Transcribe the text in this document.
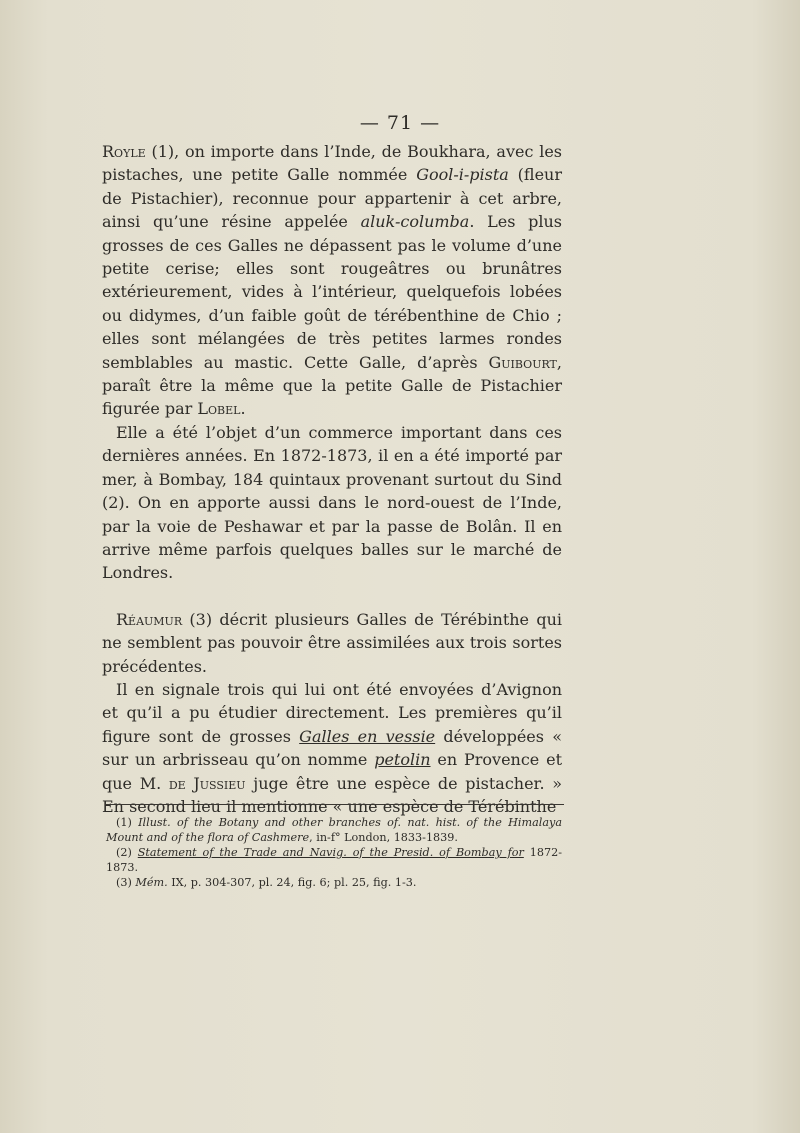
— 71 —

Royle (1), on importe dans l’Inde, de Boukhara, avec les pistaches, une petite Galle nommée Gool-i-pista (fleur de Pistachier), reconnue pour appartenir à cet arbre, ainsi qu’une résine appelée aluk-columba. Les plus grosses de ces Galles ne dépassent pas le volume d’une petite cerise; elles sont rougeâtres ou brunâtres extérieurement, vides à l’intérieur, quelquefois lobées ou didymes, d’un faible goût de térébenthine de Chio ; elles sont mélangées de très petites larmes rondes semblables au mastic. Cette Galle, d’après Guibourt, paraît être la même que la petite Galle de Pistachier figurée par Lobel.

Elle a été l’objet d’un commerce important dans ces dernières années. En 1872-1873, il en a été importé par mer, à Bombay, 184 quintaux provenant surtout du Sind (2). On en apporte aussi dans le nord-ouest de l’Inde, par la voie de Peshawar et par la passe de Bolân. Il en arrive même parfois quelques balles sur le marché de Londres.

Réaumur (3) décrit plusieurs Galles de Térébinthe qui ne semblent pas pouvoir être assimilées aux trois sortes précédentes.

Il en signale trois qui lui ont été envoyées d’Avignon et qu’il a pu étudier directement. Les premières qu’il figure sont de grosses Galles en vessie développées « sur un arbrisseau qu’on nomme petolin en Provence et que M. de Jussieu juge être une espèce de pistacher. » En second lieu il mentionne « une espèce de Térébinthe

(1) Illust. of the Botany and other branches of. nat. hist. of the Himalaya Mount and of the flora of Cashmere, in-f° London, 1833-1839.

(2) Statement of the Trade and Navig. of the Presid. of Bombay for 1872-1873.

(3) Mém. IX, p. 304-307, pl. 24, fig. 6; pl. 25, fig. 1-3.
